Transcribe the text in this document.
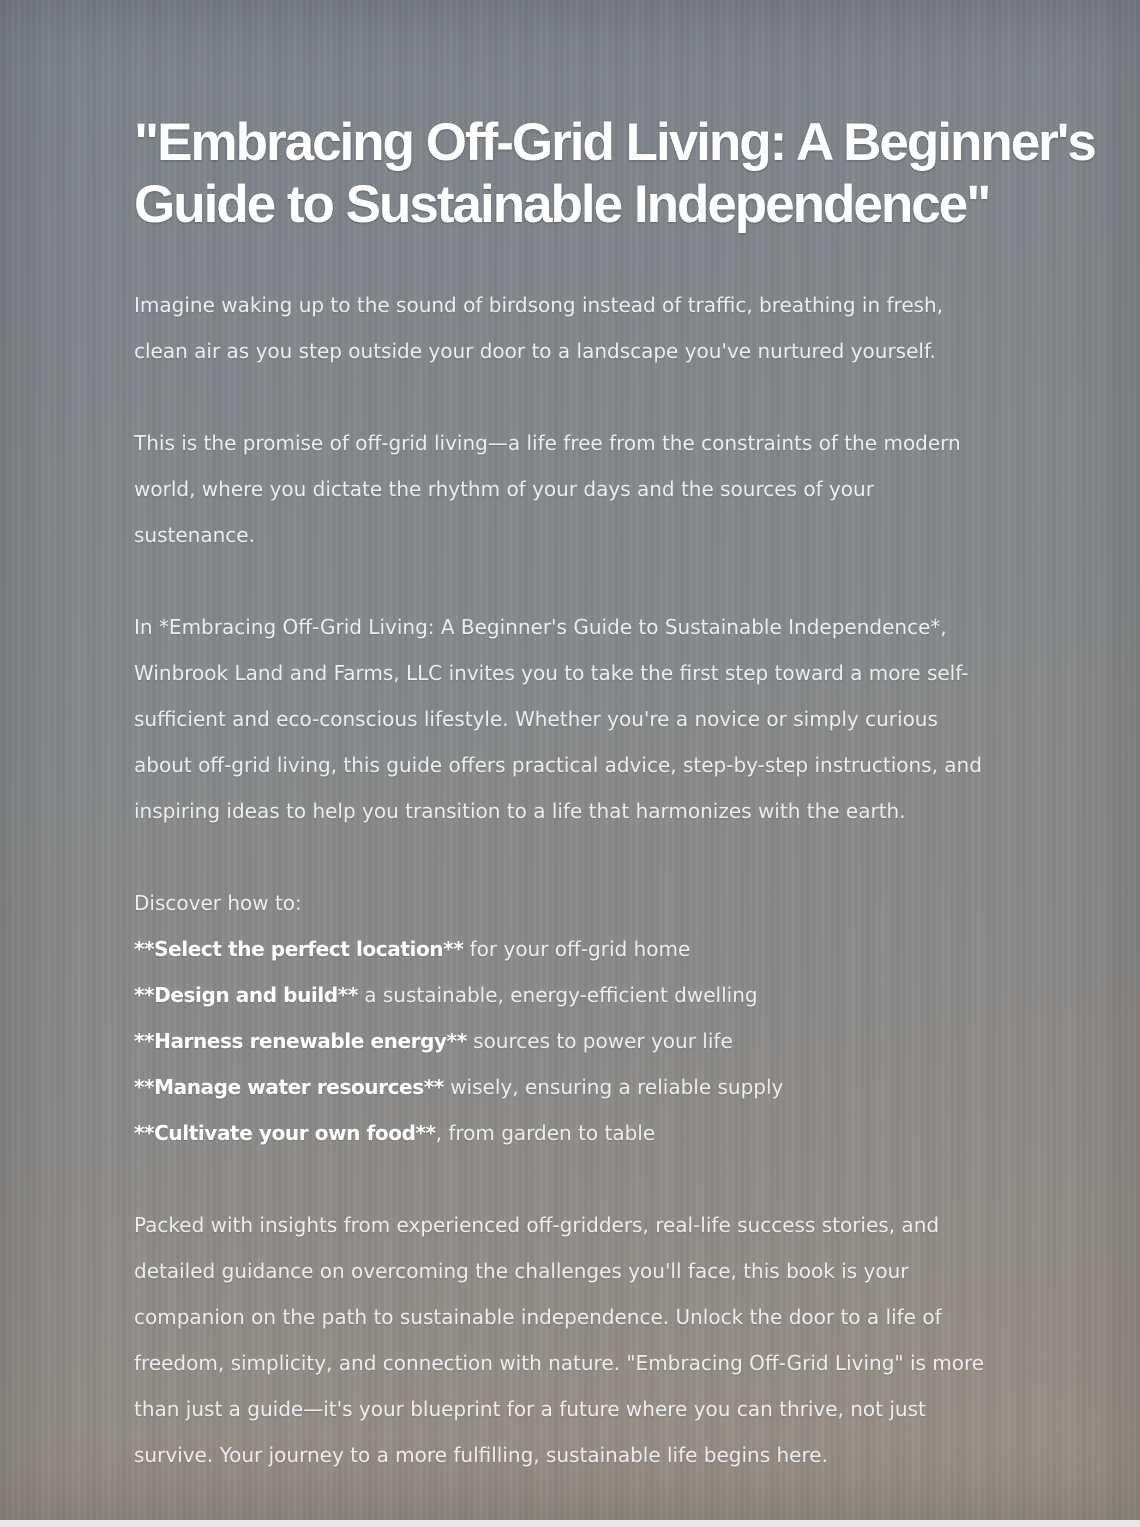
"Embracing Off-Grid Living: A Beginner's
Guide to Sustainable Independence"

Imagine waking up to the sound of birdsong instead of traffic, breathing in fresh,
clean air as you step outside your door to a landscape you've nurtured yourself.

This is the promise of off-grid living—a life free from the constraints of the modern
world, where you dictate the rhythm of your days and the sources of your
sustenance.

In *Embracing Off-Grid Living: A Beginner's Guide to Sustainable Independence*,
Winbrook Land and Farms, LLC invites you to take the first step toward a more self-
sufficient and eco-conscious lifestyle. Whether you're a novice or simply curious
about off-grid living, this guide offers practical advice, step-by-step instructions, and
inspiring ideas to help you transition to a life that harmonizes with the earth.

Discover how to:
**Select the perfect location** for your off-grid home
**Design and build** a sustainable, energy-efficient dwelling
**Harness renewable energy** sources to power your life
**Manage water resources** wisely, ensuring a reliable supply
**Cultivate your own food**, from garden to table

Packed with insights from experienced off-gridders, real-life success stories, and
detailed guidance on overcoming the challenges you'll face, this book is your
companion on the path to sustainable independence. Unlock the door to a life of
freedom, simplicity, and connection with nature. "Embracing Off-Grid Living" is more
than just a guide—it's your blueprint for a future where you can thrive, not just
survive. Your journey to a more fulfilling, sustainable life begins here.
